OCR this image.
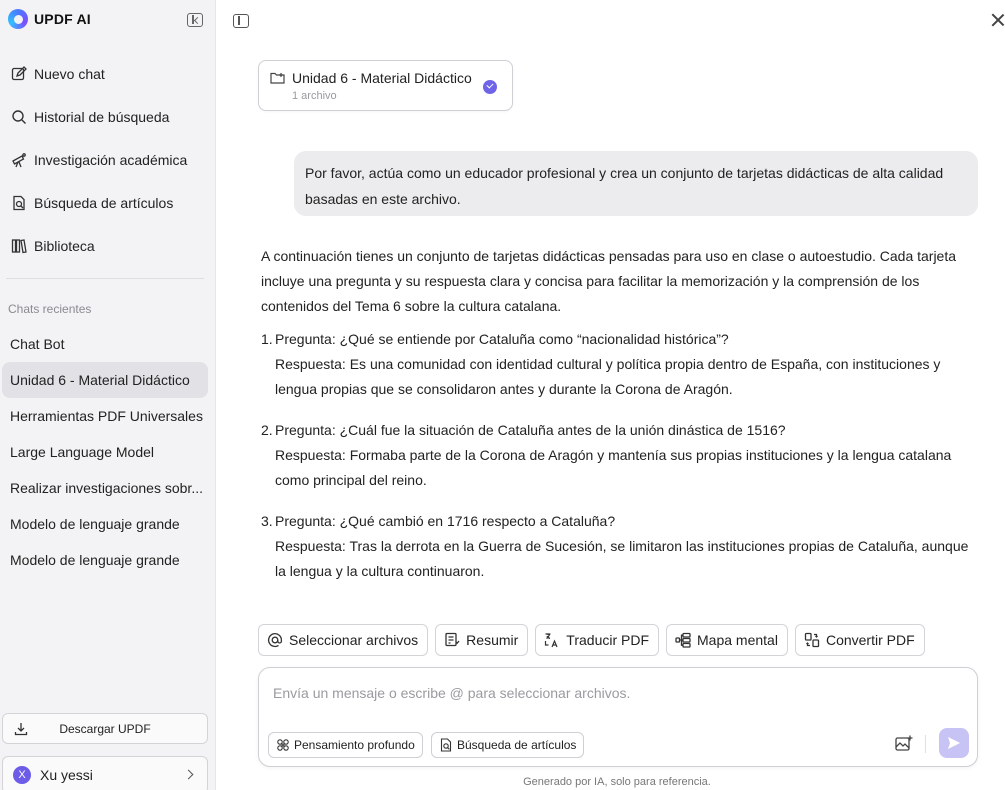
UPDF AI
Nuevo chat
Historial de búsqueda
Investigación académica
Búsqueda de artículos
Biblioteca
Chats recientes
Chat Bot
Unidad 6 - Material Didáctico
Herramientas PDF Universales
Large Language Model
Realizar investigaciones sobr...
Modelo de lenguaje grande
Modelo de lenguaje grande
Descargar UPDF
X	Xu yessi
Unidad 6 - Material Didáctico
1 archivo
Por favor, actúa como un educador profesional y crea un conjunto de tarjetas didácticas de alta calidad basadas en este archivo.

A continuación tienes un conjunto de tarjetas didácticas pensadas para uso en clase o autoestudio. Cada tarjeta incluye una pregunta y su respuesta clara y concisa para facilitar la memorización y la comprensión de los contenidos del Tema 6 sobre la cultura catalana.

1. Pregunta: ¿Qué se entiende por Cataluña como “nacionalidad histórica”?
Respuesta: Es una comunidad con identidad cultural y política propia dentro de España, con instituciones y lengua propias que se consolidaron antes y durante la Corona de Aragón.
2. Pregunta: ¿Cuál fue la situación de Cataluña antes de la unión dinástica de 1516?
Respuesta: Formaba parte de la Corona de Aragón y mantenía sus propias instituciones y la lengua catalana como principal del reino.
3. Pregunta: ¿Qué cambió en 1716 respecto a Cataluña?
Respuesta: Tras la derrota en la Guerra de Sucesión, se limitaron las instituciones propias de Cataluña, aunque la lengua y la cultura continuaron.
Seleccionar archivos	Resumir	Traducir PDF	Mapa mental	Convertir PDF
Envía un mensaje o escribe @ para seleccionar archivos.
Pensamiento profundo	Búsqueda de artículos
Generado por IA, solo para referencia.
